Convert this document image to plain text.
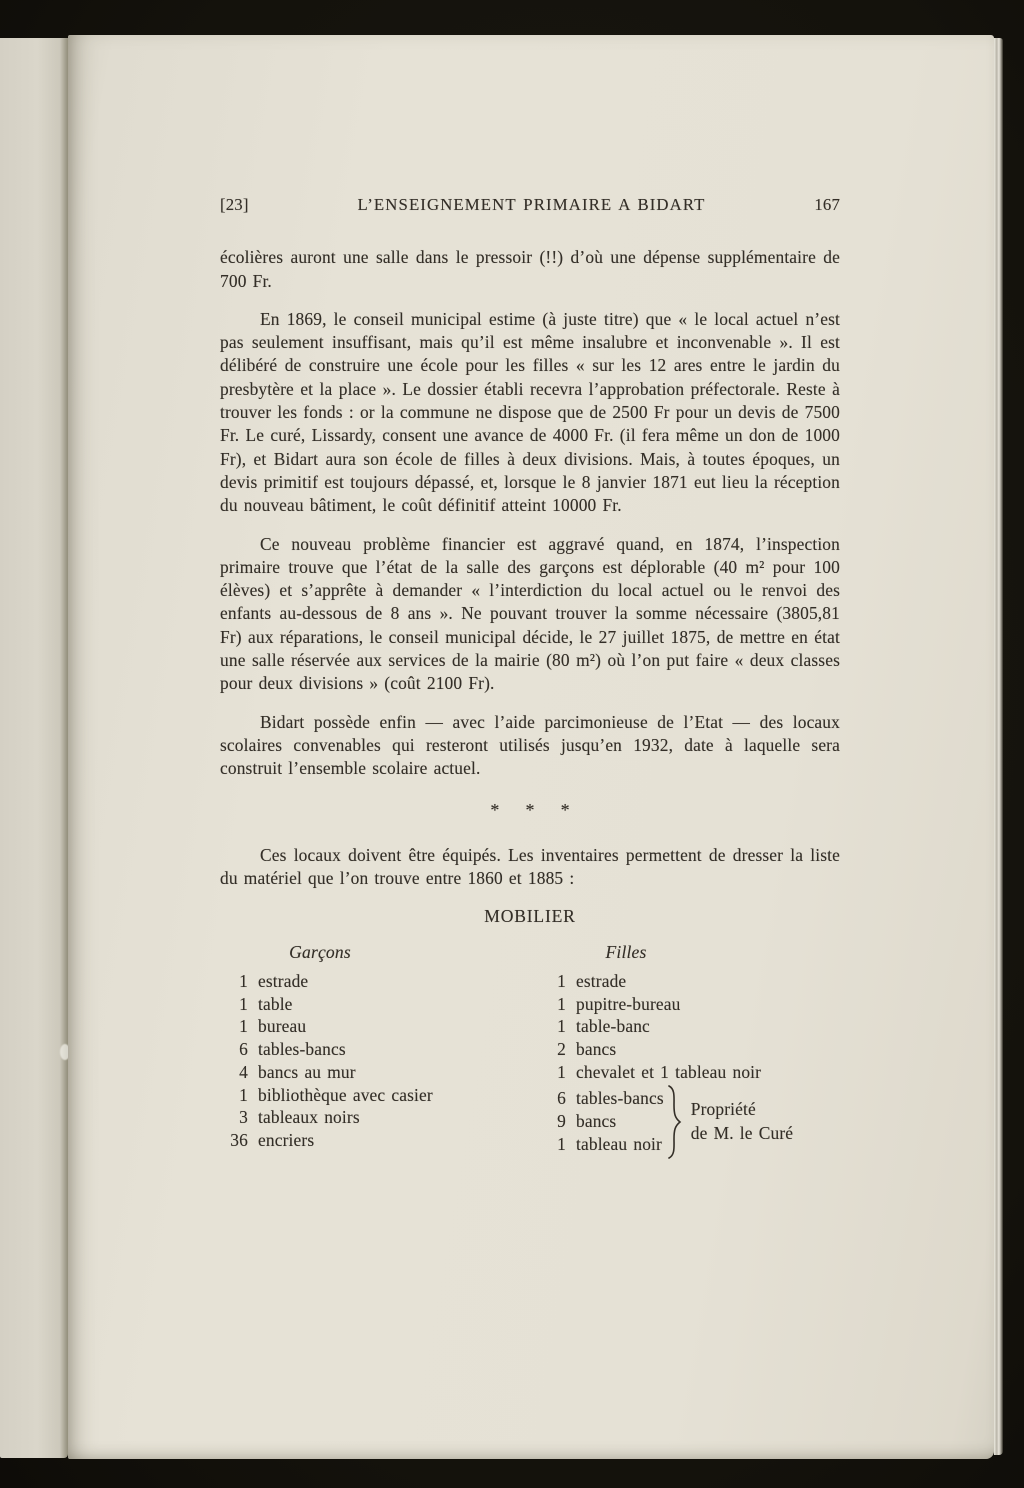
[23]	L’ENSEIGNEMENT PRIMAIRE A BIDART	167

écolières auront une salle dans le pressoir (!!) d’où une dépense supplémentaire de 700 Fr.

En 1869, le conseil municipal estime (à juste titre) que « le local actuel n’est pas seulement insuffisant, mais qu’il est même insalubre et inconvenable ». Il est délibéré de construire une école pour les filles « sur les 12 ares entre le jardin du presbytère et la place ». Le dossier établi recevra l’approbation préfectorale. Reste à trouver les fonds : or la commune ne dispose que de 2500 Fr pour un devis de 7500 Fr. Le curé, Lissardy, consent une avance de 4000 Fr. (il fera même un don de 1000 Fr), et Bidart aura son école de filles à deux divisions. Mais, à toutes époques, un devis primitif est toujours dépassé, et, lorsque le 8 janvier 1871 eut lieu la réception du nouveau bâtiment, le coût définitif atteint 10000 Fr.

Ce nouveau problème financier est aggravé quand, en 1874, l’inspection primaire trouve que l’état de la salle des garçons est déplorable (40 m² pour 100 élèves) et s’apprête à demander « l’interdiction du local actuel ou le renvoi des enfants au-dessous de 8 ans ». Ne pouvant trouver la somme nécessaire (3805,81 Fr) aux réparations, le conseil municipal décide, le 27 juillet 1875, de mettre en état une salle réservée aux services de la mairie (80 m²) où l’on put faire « deux classes pour deux divisions » (coût 2100 Fr).

Bidart possède enfin — avec l’aide parcimonieuse de l’Etat — des locaux scolaires convenables qui resteront utilisés jusqu’en 1932, date à laquelle sera construit l’ensemble scolaire actuel.

* * *

Ces locaux doivent être équipés. Les inventaires permettent de dresser la liste du matériel que l’on trouve entre 1860 et 1885 :

MOBILIER
Garçons
1 estrade
1 table
1 bureau
6 tables-bancs
4 bancs au mur
1 bibliothèque avec casier
3 tableaux noirs
36 encriers
Filles
1 estrade
1 pupitre-bureau
1 table-banc
2 bancs
1 chevalet et 1 tableau noir
6 tables-bancs
9 bancs
1 tableau noir
Propriété
de M. le Curé
